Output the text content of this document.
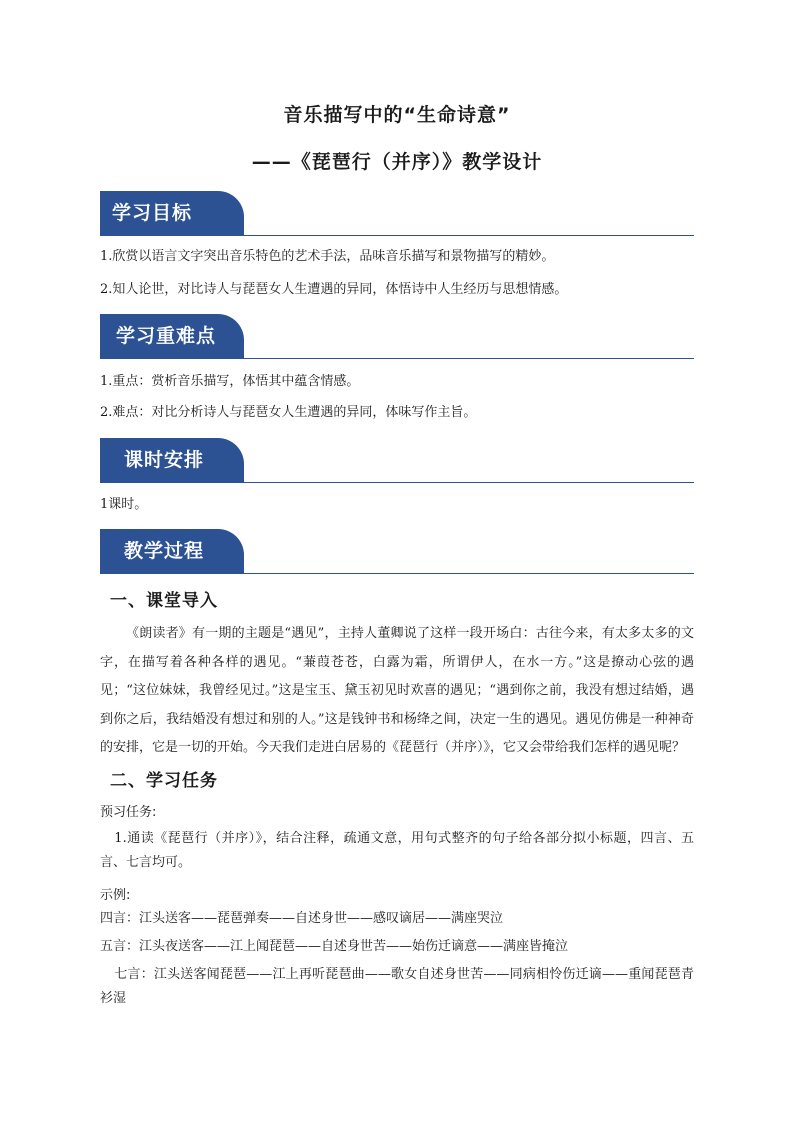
音乐描写中的“生命诗意”
——《琵琶行（并序）》教学设计
学习目标
1.欣赏以语言文字突出音乐特色的艺术手法，品味音乐描写和景物描写的精妙。
2.知人论世，对比诗人与琵琶女人生遭遇的异同，体悟诗中人生经历与思想情感。
学习重难点
1.重点：赏析音乐描写，体悟其中蕴含情感。
2.难点：对比分析诗人与琵琶女人生遭遇的异同，体味写作主旨。
课时安排
1课时。
教学过程
一、课堂导入
《朗读者》有一期的主题是“遇见”，主持人董卿说了这样一段开场白：古往今来，有太多太多的文字，在描写着各种各样的遇见。“蒹葭苍苍，白露为霜，所谓伊人，在水一方。”这是撩动心弦的遇见；“这位妹妹，我曾经见过。”这是宝玉、黛玉初见时欢喜的遇见；“遇到你之前，我没有想过结婚，遇到你之后，我结婚没有想过和别的人。”这是钱钟书和杨绛之间，决定一生的遇见。遇见仿佛是一种神奇的安排，它是一切的开始。今天我们走进白居易的《琵琶行（并序）》，它又会带给我们怎样的遇见呢？
二、学习任务
预习任务:
1.通读《琵琶行（并序）》，结合注释，疏通文意，用句式整齐的句子给各部分拟小标题，四言、五言、七言均可。
示例:
四言：江头送客——琵琶弹奏——自述身世——感叹谪居——满座哭泣
五言：江头夜送客——江上闻琵琶——自述身世苦——始伤迁谪意——满座皆掩泣
七言：江头送客闻琵琶——江上再听琵琶曲——歌女自述身世苦——同病相怜伤迁谪——重闻琵琶青衫湿
